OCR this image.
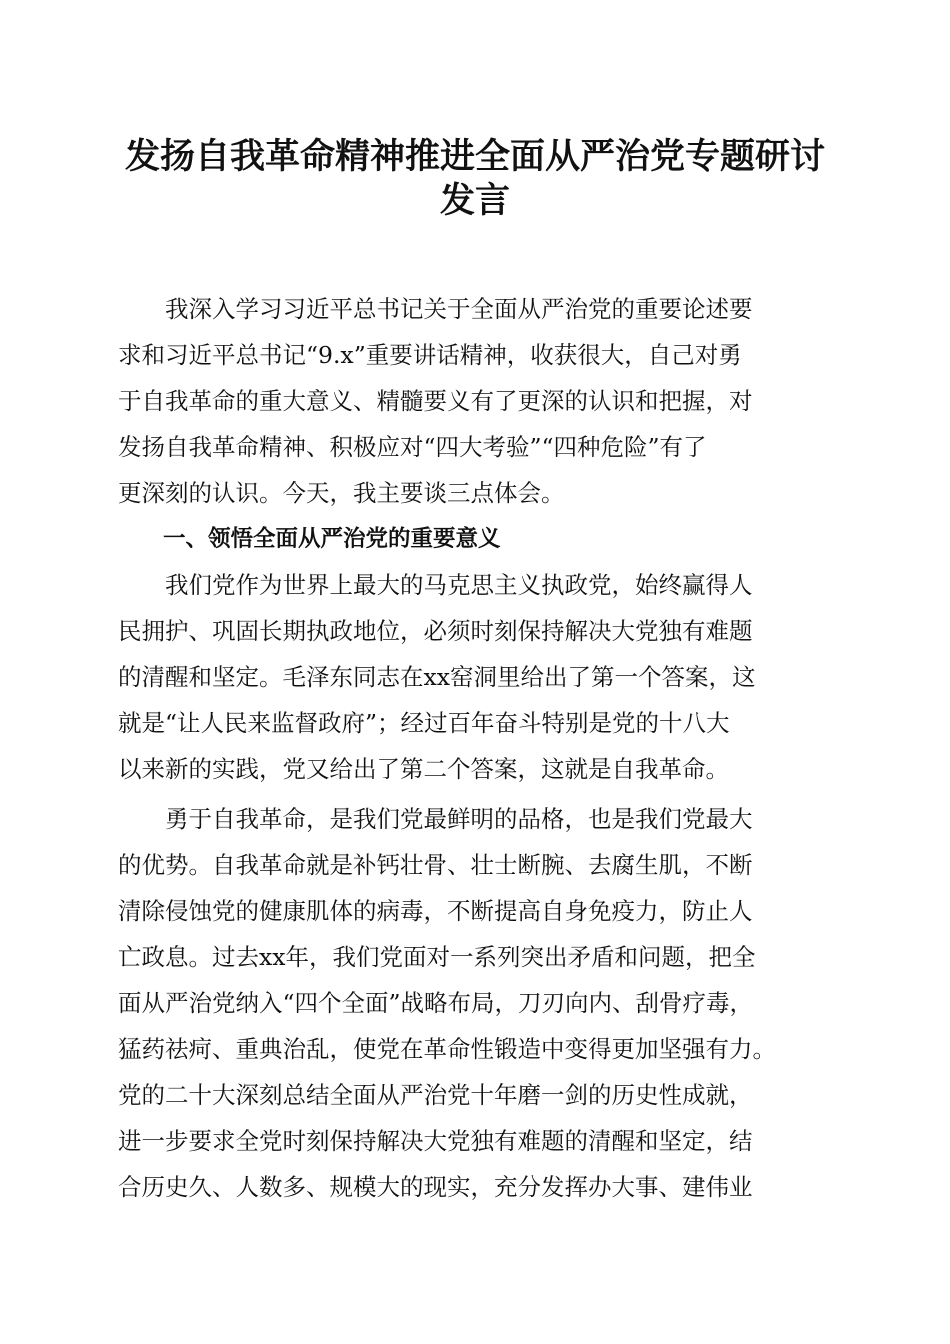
发扬自我革命精神推进全面从严治党专题研讨
发言
　　我深入学习习近平总书记关于全面从严治党的重要论述要
求和习近平总书记“9.x”重要讲话精神，收获很大，自己对勇
于自我革命的重大意义、精髓要义有了更深的认识和把握，对
发扬自我革命精神、积极应对“四大考验”“四种危险”有了
更深刻的认识。今天，我主要谈三点体会。
　　一、领悟全面从严治党的重要意义
　　我们党作为世界上最大的马克思主义执政党，始终赢得人
民拥护、巩固长期执政地位，必须时刻保持解决大党独有难题
的清醒和坚定。毛泽东同志在xx窑洞里给出了第一个答案，这
就是“让人民来监督政府”；经过百年奋斗特别是党的十八大
以来新的实践，党又给出了第二个答案，这就是自我革命。
　　勇于自我革命，是我们党最鲜明的品格，也是我们党最大
的优势。自我革命就是补钙壮骨、壮士断腕、去腐生肌，不断
清除侵蚀党的健康肌体的病毒，不断提高自身免疫力，防止人
亡政息。过去xx年，我们党面对一系列突出矛盾和问题，把全
面从严治党纳入“四个全面”战略布局，刀刃向内、刮骨疗毒，
猛药祛疴、重典治乱，使党在革命性锻造中变得更加坚强有力。
党的二十大深刻总结全面从严治党十年磨一剑的历史性成就，
进一步要求全党时刻保持解决大党独有难题的清醒和坚定，结
合历史久、人数多、规模大的现实，充分发挥办大事、建伟业
